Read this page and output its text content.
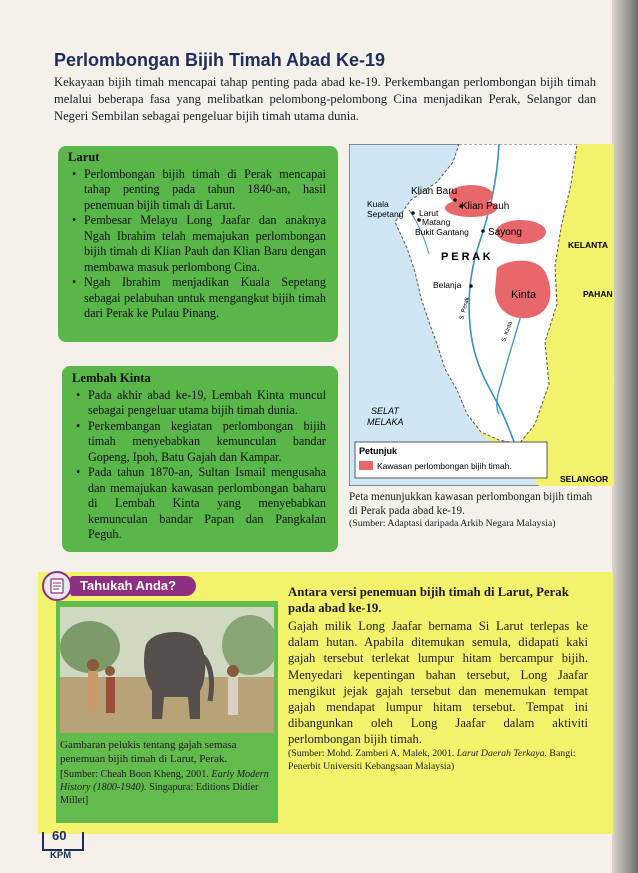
Perlombongan Bijih Timah Abad Ke-19
Kekayaan bijih timah mencapai tahap penting pada abad ke-19. Perkembangan perlombongan bijih timah melalui beberapa fasa yang melibatkan pelombong-pelombong Cina menjadikan Perak, Selangor dan Negeri Sembilan sebagai pengeluar bijih timah utama dunia.
Larut
• Perlombongan bijih timah di Perak mencapai tahap penting pada tahun 1840-an, hasil penemuan bijih timah di Larut.
• Pembesar Melayu Long Jaafar dan anaknya Ngah Ibrahim telah memajukan perlombongan bijih timah di Klian Pauh dan Klian Baru dengan membawa masuk perlombong Cina.
• Ngah Ibrahim menjadikan Kuala Sepetang sebagai pelabuhan untuk mengangkut bijih timah dari Perak ke Pulau Pinang.
Lembah Kinta
• Pada akhir abad ke-19, Lembah Kinta muncul sebagai pengeluar utama bijih timah dunia.
• Perkembangan kegiatan perlombongan bijih timah menyebabkan kemunculan bandar Gopeng, Ipoh, Batu Gajah dan Kampar.
• Pada tahun 1870-an, Sultan Ismail mengusaha dan memajukan kawasan perlombongan baharu di Lembah Kinta yang menyebabkan kemunculan bandar Papan dan Pangkalan Peguh.
Klian Baru
Klian Pauh
Kuala
Sepetang Larut
Matang
Bukit Gantang Sayong
P E R A K
Belanja
Kinta
KELANTA
PAHAN
SELAT
MELAKA
SELANGOR
S. Perak
S. Kinta
Petunjuk
Kawasan perlombongan bijih timah.
Peta menunjukkan kawasan perlombongan bijih timah di Perak pada abad ke-19.
(Sumber: Adaptasi daripada Arkib Negara Malaysia)
Tahukah Anda?
Gambaran pelukis tentang gajah semasa penemuan bijih timah di Larut, Perak.
[Sumber: Cheah Boon Kheng, 2001. Early Modern History (1800-1940). Singapura: Editions Didier Millet]
Antara versi penemuan bijih timah di Larut, Perak pada abad ke-19.
Gajah milik Long Jaafar bernama Si Larut terlepas ke dalam hutan. Apabila ditemukan semula, didapati kaki gajah tersebut terlekat lumpur hitam bercampur bijih. Menyedari kepentingan bahan tersebut, Long Jaafar mengikut jejak gajah tersebut dan menemukan tempat gajah mendapat lumpur hitam tersebut. Tempat ini dibangunkan oleh Long Jaafar dalam aktiviti perlombongan bijih timah.
(Sumber: Mohd. Zamberi A. Malek, 2001. Larut Daerah Terkaya. Bangi: Penerbit Universiti Kebangsaan Malaysia)
60
KPM
